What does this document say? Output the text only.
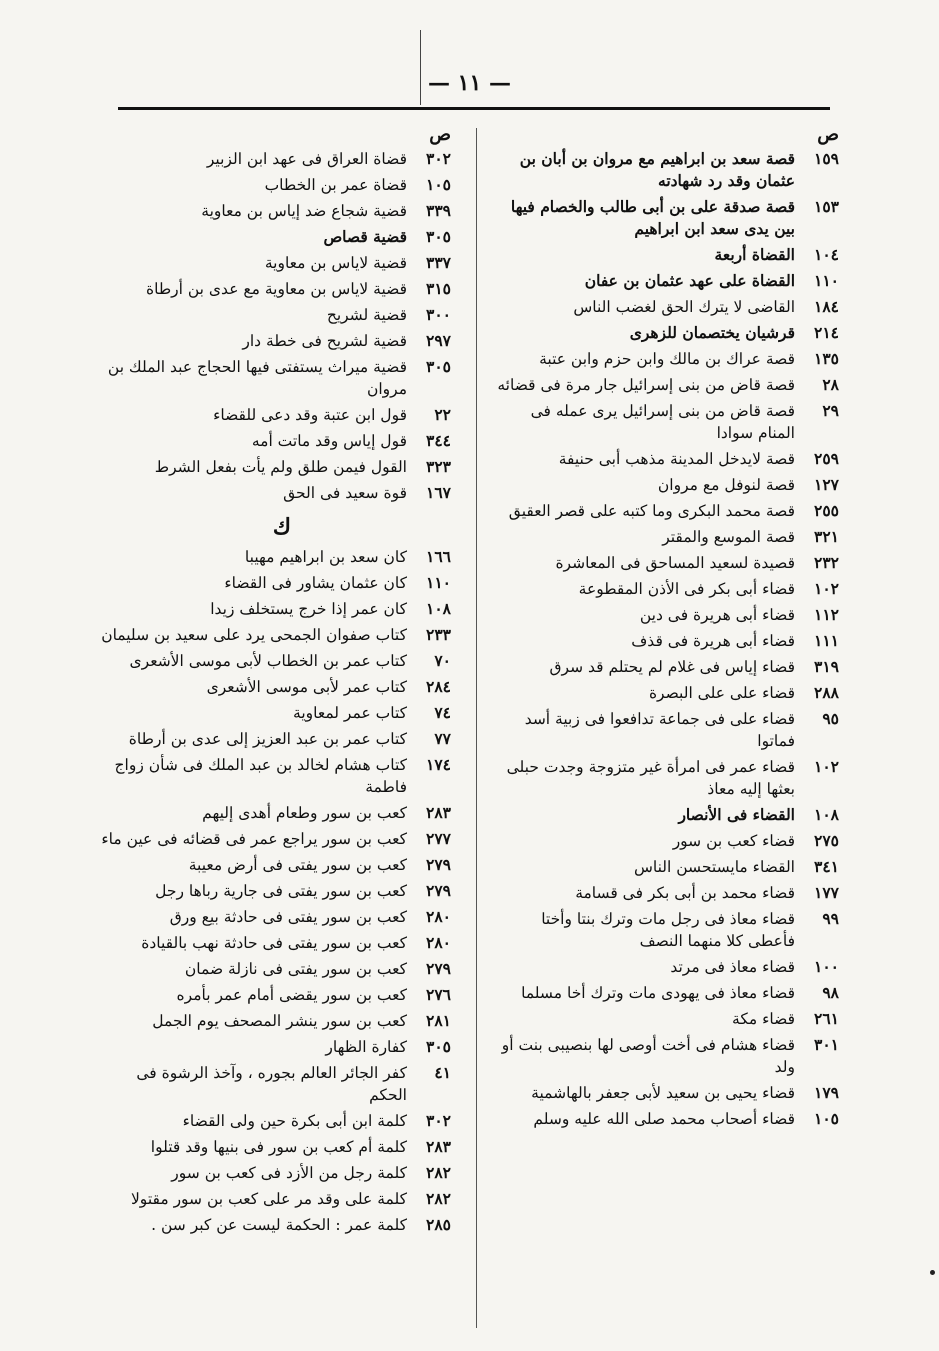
— ١١ —
ص
١٥٩
قصة سعد بن ابراهيم مع مروان بن أبان بن عثمان وقد رد شهادته
١٥٣
قصة صدقة على بن أبى طالب والخصام فيها بين يدى سعد ابن ابراهيم
١٠٤
القضاة أربعة
١١٠
القضاة على عهد عثمان بن عفان
١٨٤
القاضى لا يترك الحق لغضب الناس
٢١٤
قرشيان يختصمان للزهرى
١٣٥
قصة عراك بن مالك وابن حزم وابن عتبة
٢٨
قصة قاض من بنى إسرائيل جار مرة فى قضائه
٢٩
قصة قاض من بنى إسرائيل يرى عمله فى المنام سوادا
٢٥٩
قصة لايدخل المدينة مذهب أبى حنيفة
١٢٧
قصة لنوفل مع مروان
٢٥٥
قصة محمد البكرى وما كتبه على قصر العقيق
٣٢١
قصة الموسع والمقتر
٢٣٢
قصيدة لسعيد المساحق فى المعاشرة
١٠٢
قضاء أبى بكر فى الأذن المقطوعة
١١٢
قضاء أبى هريرة فى دين
١١١
قضاء أبى هريرة فى قذف
٣١٩
قضاء إياس فى غلام لم يحتلم قد سرق
٢٨٨
قضاء على على البصرة
٩٥
قضاء على فى جماعة تدافعوا فى زبية أسد فماتوا
١٠٢
قضاء عمر فى امرأة غير متزوجة وجدت حبلى بعثها إليه معاذ
١٠٨
القضاء فى الأنصار
٢٧٥
قضاء كعب بن سور
٣٤١
القضاء مايستحسن الناس
١٧٧
قضاء محمد بن أبى بكر فى قسامة
٩٩
قضاء معاذ فى رجل مات وترك بنتا وأختا فأعطى كلا منهما النصف
١٠٠
قضاء معاذ فى مرتد
٩٨
قضاء معاذ فى يهودى مات وترك أخا مسلما
٢٦١
قضاء مكة
٣٠١
قضاء هشام فى أخت أوصى لها بنصيبى بنت أو ولد
١٧٩
قضاء يحيى بن سعيد لأبى جعفر بالهاشمية
١٠٥
قضاء أصحاب محمد صلى الله عليه وسلم
ص
٣٠٢
قضاة العراق فى عهد ابن الزبير
١٠٥
قضاة عمر بن الخطاب
٣٣٩
قضية شجاع ضد إياس بن معاوية
٣٠٥
قضية قصاص
٣٣٧
قضية لاياس بن معاوية
٣١٥
قضية لاياس بن معاوية مع عدى بن أرطاة
٣٠٠
قضية لشريح
٢٩٧
قضية لشريح فى خطة دار
٣٠٥
قضية ميراث يستفتى فيها الحجاج عبد الملك بن مروان
٢٢
قول ابن عتبة وقد دعى للقضاء
٣٤٤
قول إياس وقد ماتت أمه
٣٢٣
القول فيمن طلق ولم يأت بفعل الشرط
١٦٧
قوة سعيد فى الحق
ك
١٦٦
كان سعد بن ابراهيم مهيبا
١١٠
كان عثمان يشاور فى القضاء
١٠٨
كان عمر إذا خرج يستخلف زيدا
٢٣٣
كتاب صفوان الجمحى يرد على سعيد بن سليمان
٧٠
كتاب عمر بن الخطاب لأبى موسى الأشعرى
٢٨٤
كتاب عمر لأبى موسى الأشعرى
٧٤
كتاب عمر لمعاوية
٧٧
كتاب عمر بن عبد العزيز إلى عدى بن أرطاة
١٧٤
كتاب هشام لخالد بن عبد الملك فى شأن زواج فاطمة
٢٨٣
كعب بن سور وطعام أهدى إليهم
٢٧٧
كعب بن سور يراجع عمر فى قضائه فى عين ماء
٢٧٩
كعب بن سور يفتى فى أرض معيبة
٢٧٩
كعب بن سور يفتى فى جارية رباها رجل
٢٨٠
كعب بن سور يفتى فى حادثة بيع ورق
٢٨٠
كعب بن سور يفتى فى حادثة نهب بالقيادة
٢٧٩
كعب بن سور يفتى فى نازلة ضمان
٢٧٦
كعب بن سور يقضى أمام عمر بأمره
٢٨١
كعب بن سور ينشر المصحف يوم الجمل
٣٠٥
كفارة الظهار
٤١
كفر الجائر العالم بجوره ، وآخذ الرشوة فى الحكم
٣٠٢
كلمة ابن أبى بكرة حين ولى القضاء
٢٨٣
كلمة أم كعب بن سور فى بنيها وقد قتلوا
٢٨٢
كلمة رجل من الأزد فى كعب بن سور
٢٨٢
كلمة على وقد مر على كعب بن سور مقتولا
٢٨٥
كلمة عمر : الحكمة ليست عن كبر سن .
